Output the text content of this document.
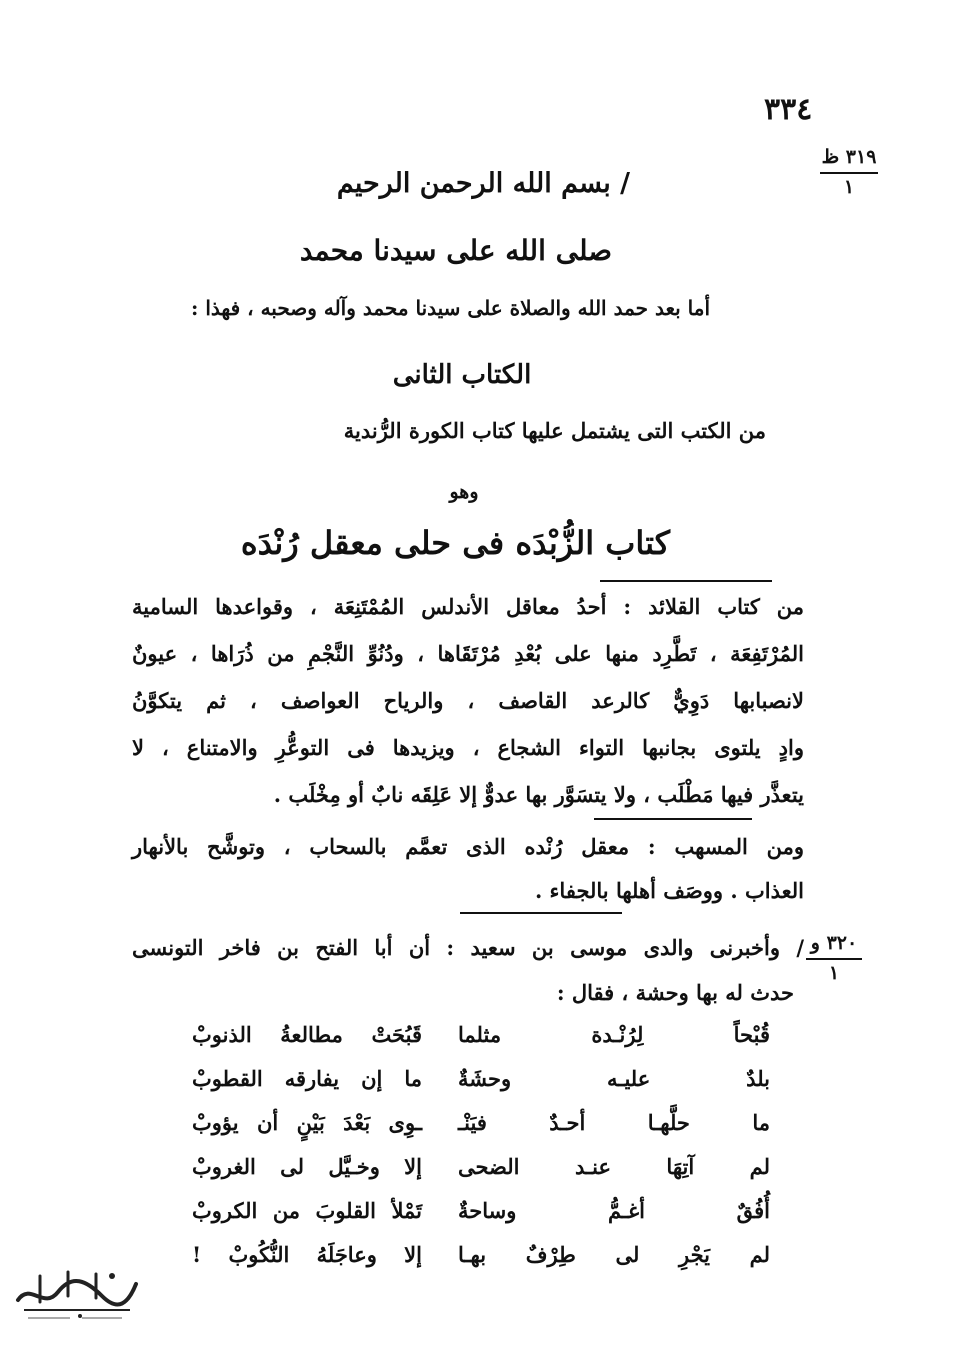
٣٣٤
٣١٩ ظ
١
/ بسم الله الرحمن الرحيم
صلى الله على سيدنا محمد
أما بعد حمد الله والصلاة على سيدنا محمد وآله وصحبه ، فهذا :
الكتاب الثانى
من الكتب التى يشتمل عليها كتاب الكورة الرُّندية
وهو
كتاب الزُّبْدَه فى حلى معقل رُنْدَه
من كتاب القلائد : أحدُ معاقل الأندلس المُمْتَنِعَة ، وقواعدها السامية
المُرْتَفِعَة ، تَطَّرِد منها على بُعْدِ مُرْتَقَاها ، ودُنُوِّ النَّجْمِ من ذُرَاها ، عيونٌ
لانصبابها دَوِيٌّ كالرعد القاصف ، والرياح العواصف ، ثم يتكوَّنُ
وادٍ يلتوى بجانبها التواء الشجاع ، ويزيدها فى التوعُّرِ والامتناع ، لا
يتعذَّر فيها مَطْلَب ، ولا يتسَوَّر بها عدوٌّ إلا عَلِقَه نابٌ أو مِخْلَب .
ومن المسهب : معقل رُنْده الذى تعمَّم بالسحاب ، وتوشَّح بالأنهار
العذاب . ووصَف أهلها بالجفاء .
٣٢٠ و
١
/ وأخبرنى والدى موسى بن سعيد : أن أبا الفتح بن فاخر التونسى
حدث له بها وحشة ، فقال :
قُبْحاً لِرُنْـدة مثلما
قَبُحَتْ مطالعةُ الذنوبْ
بلدٌ عليـه وحشَةٌ
ما إن يفارقه القطوبْ
ما حلَّهـا أحـدٌ فيَنْـ
ـوِى بَعْدَ بَيْنٍ أن يؤوبْ
لم آتِهَا عنـد الضحى
إلا وخـيَّل لى الغروبْ
أُفُقٌ أغـمُّ وساحةٌ
تَمْلأ القلوبَ من الكروبْ
لم يَجْرِ لى طِرْفٌ بهـا
إلا وعاجَلَهُ النُّكُوبْ !
